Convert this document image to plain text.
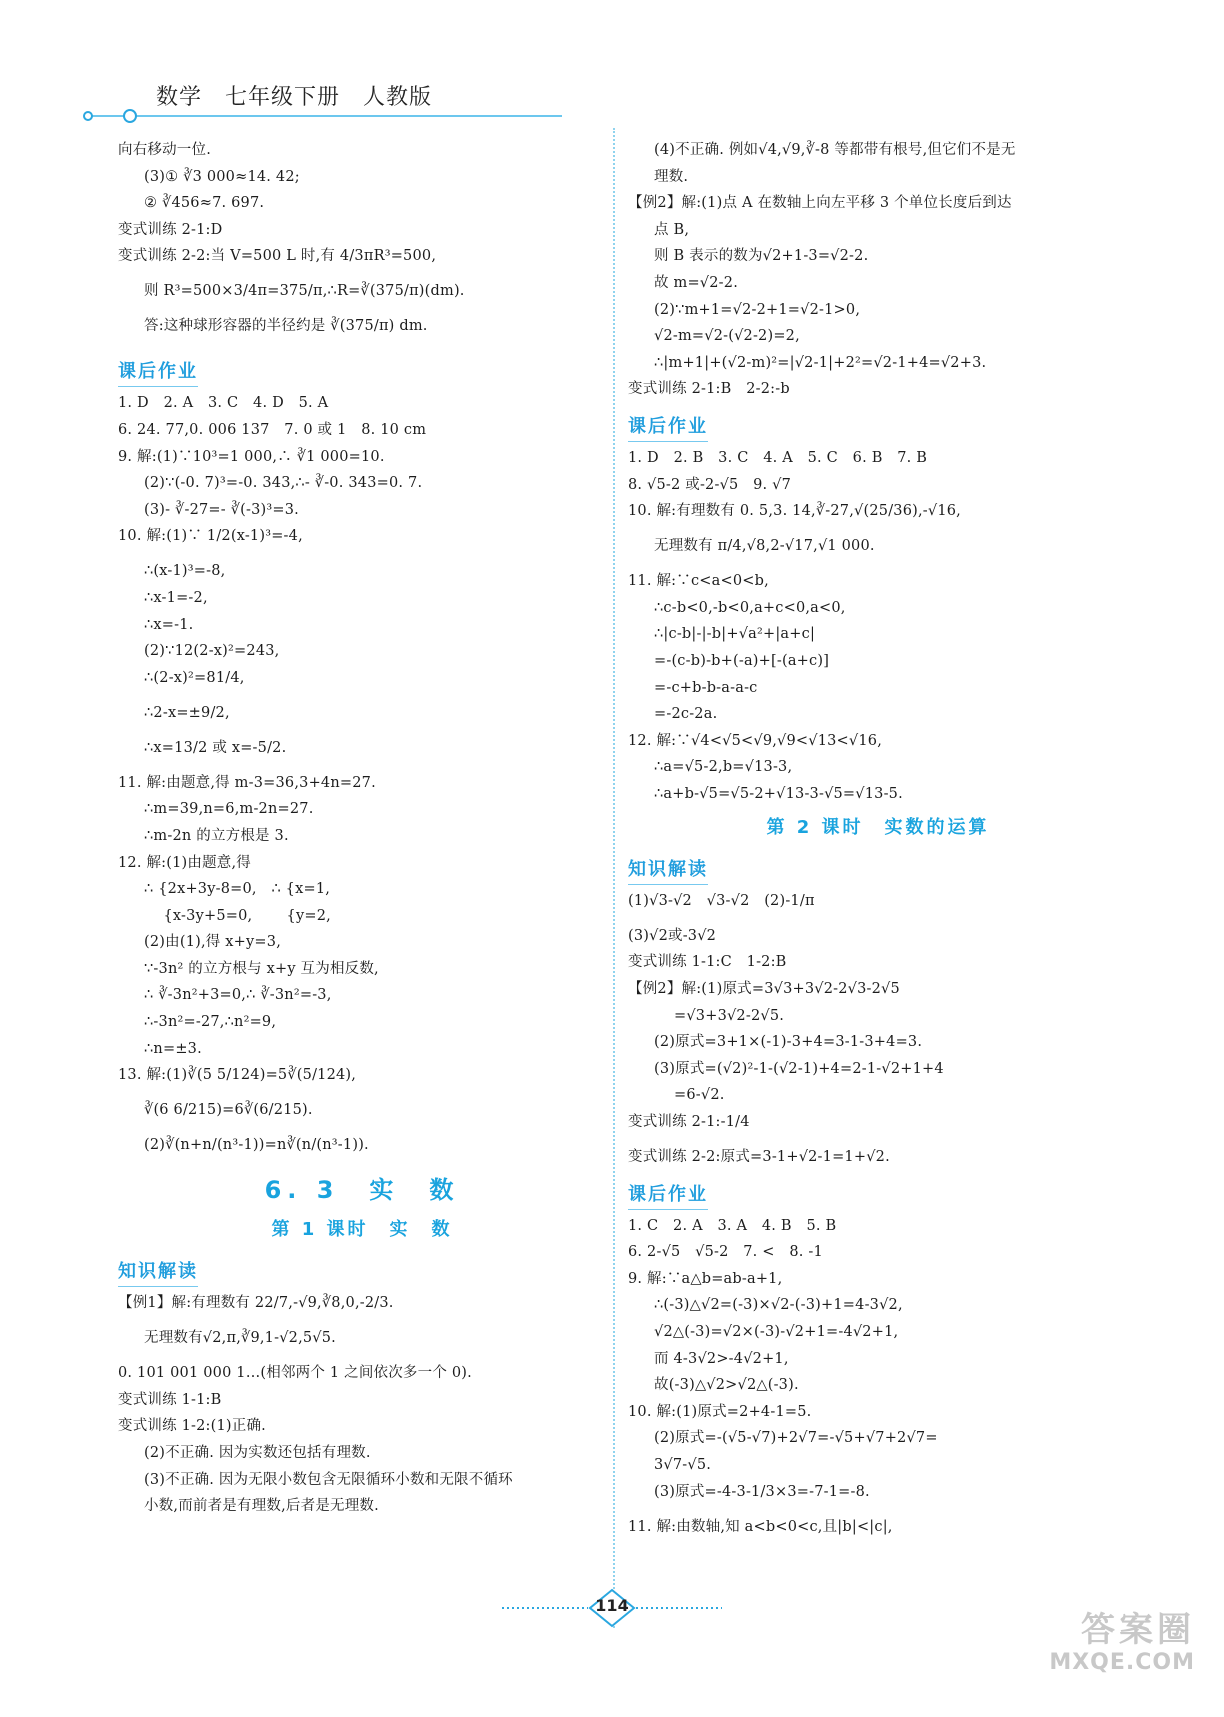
数学　七年级下册　人教版
向右移动一位.
(3)① ∛3 000≈14. 42;
② ∛456≈7. 697.
变式训练 2-1:D
变式训练 2-2:当 V=500 L 时,有 4/3πR³=500,
则 R³=500×3/4π=375/π,∴R=∛(375/π)(dm).
答:这种球形容器的半径约是 ∛(375/π) dm.
课后作业
1. D　2. A　3. C　4. D　5. A
6. 24. 77,0. 006 137　7. 0 或 1　8. 10 cm
9. 解:(1)∵10³=1 000,∴ ∛1 000=10.
(2)∵(-0. 7)³=-0. 343,∴- ∛-0. 343=0. 7.
(3)- ∛-27=- ∛(-3)³=3.
10. 解:(1)∵ 1/2(x-1)³=-4,
∴(x-1)³=-8,
∴x-1=-2,
∴x=-1.
(2)∵12(2-x)²=243,
∴(2-x)²=81/4,
∴2-x=±9/2,
∴x=13/2 或 x=-5/2.
11. 解:由题意,得 m-3=36,3+4n=27.
∴m=39,n=6,m-2n=27.
∴m-2n 的立方根是 3.
12. 解:(1)由题意,得
∴ {2x+3y-8=0,　∴ {x=1,
　 {x-3y+5=0,　　 {y=2,
(2)由(1),得 x+y=3,
∵-3n² 的立方根与 x+y 互为相反数,
∴ ∛-3n²+3=0,∴ ∛-3n²=-3,
∴-3n²=-27,∴n²=9,
∴n=±3.
13. 解:(1)∛(5 5/124)=5∛(5/124),
∛(6 6/215)=6∛(6/215).
(2)∛(n+n/(n³-1))=n∛(n/(n³-1)).
6. 3　实　数
第 1 课时　实　数
知识解读
【例1】解:有理数有 22/7,-√9,∛8,0,-2/3.
无理数有√2,π,∛9,1-√2,5√5.
0. 101 001 000 1…(相邻两个 1 之间依次多一个 0).
变式训练 1-1:B
变式训练 1-2:(1)正确.
(2)不正确. 因为实数还包括有理数.
(3)不正确. 因为无限小数包含无限循环小数和无限不循环
小数,而前者是有理数,后者是无理数.
(4)不正确. 例如√4,√9,∛-8 等都带有根号,但它们不是无
理数.
【例2】解:(1)点 A 在数轴上向左平移 3 个单位长度后到达
点 B,
则 B 表示的数为√2+1-3=√2-2.
故 m=√2-2.
(2)∵m+1=√2-2+1=√2-1>0,
√2-m=√2-(√2-2)=2,
∴|m+1|+(√2-m)²=|√2-1|+2²=√2-1+4=√2+3.
变式训练 2-1:B　2-2:-b
课后作业
1. D　2. B　3. C　4. A　5. C　6. B　7. B
8. √5-2 或-2-√5　9. √7
10. 解:有理数有 0. 5,3. 14,∛-27,√(25/36),-√16,
无理数有 π/4,√8,2-√17,√1 000.
11. 解:∵c<a<0<b,
∴c-b<0,-b<0,a+c<0,a<0,
∴|c-b|-|-b|+√a²+|a+c|
=-(c-b)-b+(-a)+[-(a+c)]
=-c+b-b-a-a-c
=-2c-2a.
12. 解:∵√4<√5<√9,√9<√13<√16,
∴a=√5-2,b=√13-3,
∴a+b-√5=√5-2+√13-3-√5=√13-5.
第 2 课时　实数的运算
知识解读
(1)√3-√2　√3-√2　(2)-1/π
(3)√2或-3√2
变式训练 1-1:C　1-2:B
【例2】解:(1)原式=3√3+3√2-2√3-2√5
=√3+3√2-2√5.
(2)原式=3+1×(-1)-3+4=3-1-3+4=3.
(3)原式=(√2)²-1-(√2-1)+4=2-1-√2+1+4
=6-√2.
变式训练 2-1:-1/4
变式训练 2-2:原式=3-1+√2-1=1+√2.
课后作业
1. C　2. A　3. A　4. B　5. B
6. 2-√5　√5-2　7. <　8. -1
9. 解:∵a△b=ab-a+1,
∴(-3)△√2=(-3)×√2-(-3)+1=4-3√2,
√2△(-3)=√2×(-3)-√2+1=-4√2+1,
而 4-3√2>-4√2+1,
故(-3)△√2>√2△(-3).
10. 解:(1)原式=2+4-1=5.
(2)原式=-(√5-√7)+2√7=-√5+√7+2√7=
3√7-√5.
(3)原式=-4-3-1/3×3=-7-1=-8.
11. 解:由数轴,知 a<b<0<c,且|b|<|c|,
114
答案圈
MXQE.COM
